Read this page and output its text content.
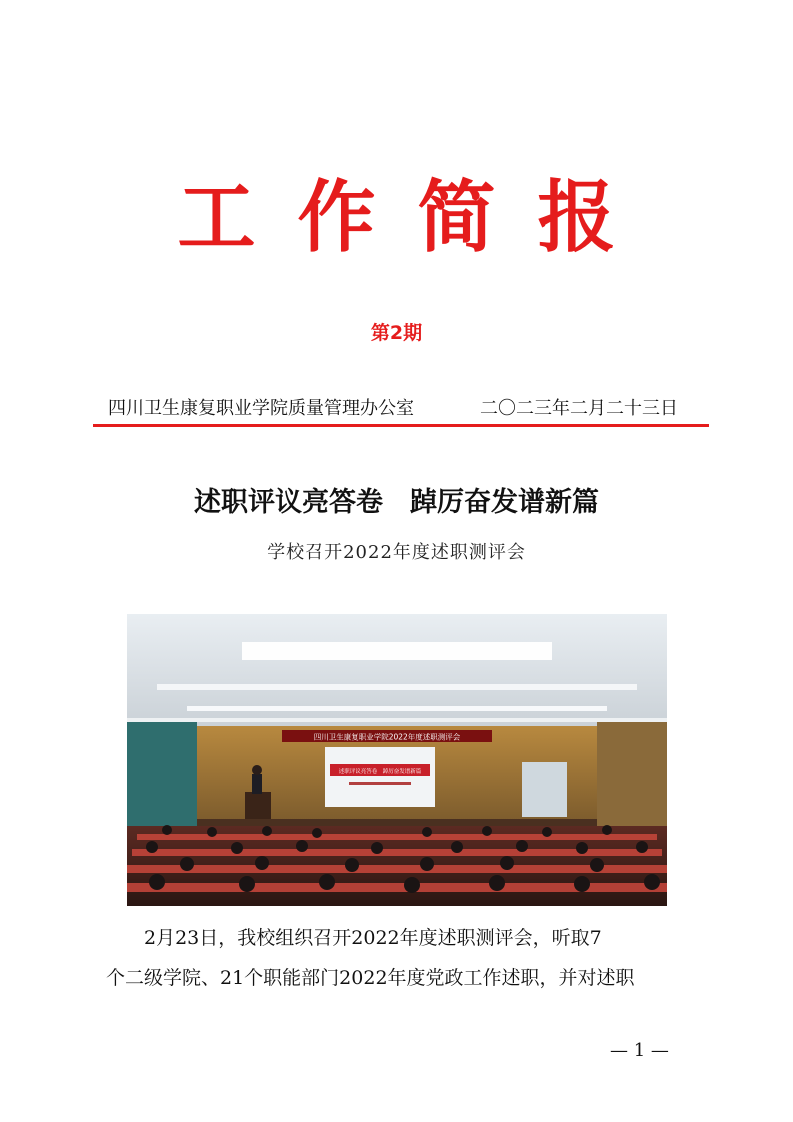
工作简报
第2期
四川卫生康复职业学院质量管理办公室	二〇二三年二月二十三日
述职评议亮答卷　踔厉奋发谱新篇
学校召开2022年度述职测评会
四川卫生康复职业学院2022年度述职测评会
述职评议亮答卷　踔厉奋发谱新篇
2月23日，我校组织召开2022年度述职测评会，听取7
个二级学院、21个职能部门2022年度党政工作述职，并对述职
— 1 —
